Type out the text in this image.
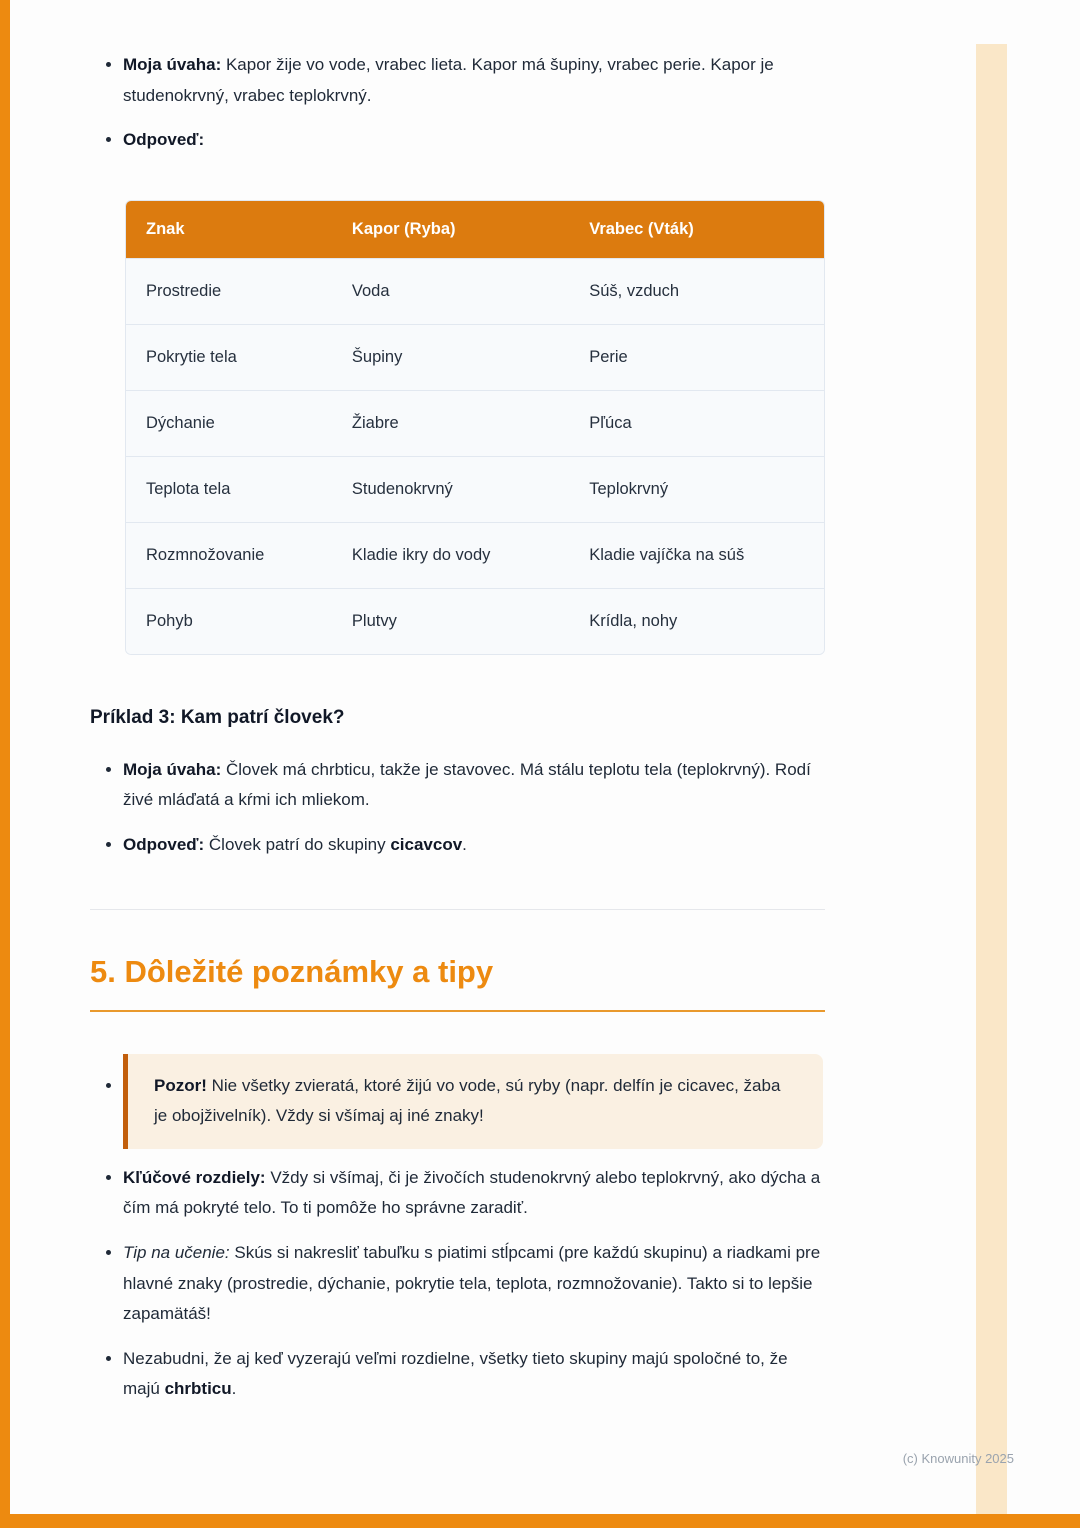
(c) Knowunity 2025
• Moja úvaha: Kapor žije vo vode, vrabec lieta. Kapor má šupiny, vrabec perie. Kapor je studenokrvný, vrabec teplokrvný.
• Odpoveď:
Znak	Kapor (Ryba)	Vrabec (Vták)
Prostredie	Voda	Súš, vzduch
Pokrytie tela	Šupiny	Perie
Dýchanie	Žiabre	Pľúca
Teplota tela	Studenokrvný	Teplokrvný
Rozmnožovanie	Kladie ikry do vody	Kladie vajíčka na súš
Pohyb	Plutvy	Krídla, nohy
Príklad 3: Kam patrí človek?
• Moja úvaha: Človek má chrbticu, takže je stavovec. Má stálu teplotu tela (teplokrvný). Rodí živé mláďatá a kŕmi ich mliekom.
• Odpoveď: Človek patrí do skupiny cicavcov.
5. Dôležité poznámky a tipy

• Pozor! Nie všetky zvieratá, ktoré žijú vo vode, sú ryby (napr. delfín je cicavec, žaba je obojživelník). Vždy si všímaj aj iné znaky!

• Kľúčové rozdiely: Vždy si všímaj, či je živočích studenokrvný alebo teplokrvný, ako dýcha a čím má pokryté telo. To ti pomôže ho správne zaradiť.
• Tip na učenie: Skús si nakresliť tabuľku s piatimi stĺpcami (pre každú skupinu) a riadkami pre hlavné znaky (prostredie, dýchanie, pokrytie tela, teplota, rozmnožovanie). Takto si to lepšie zapamätáš!
• Nezabudni, že aj keď vyzerajú veľmi rozdielne, všetky tieto skupiny majú spoločné to, že majú chrbticu.
